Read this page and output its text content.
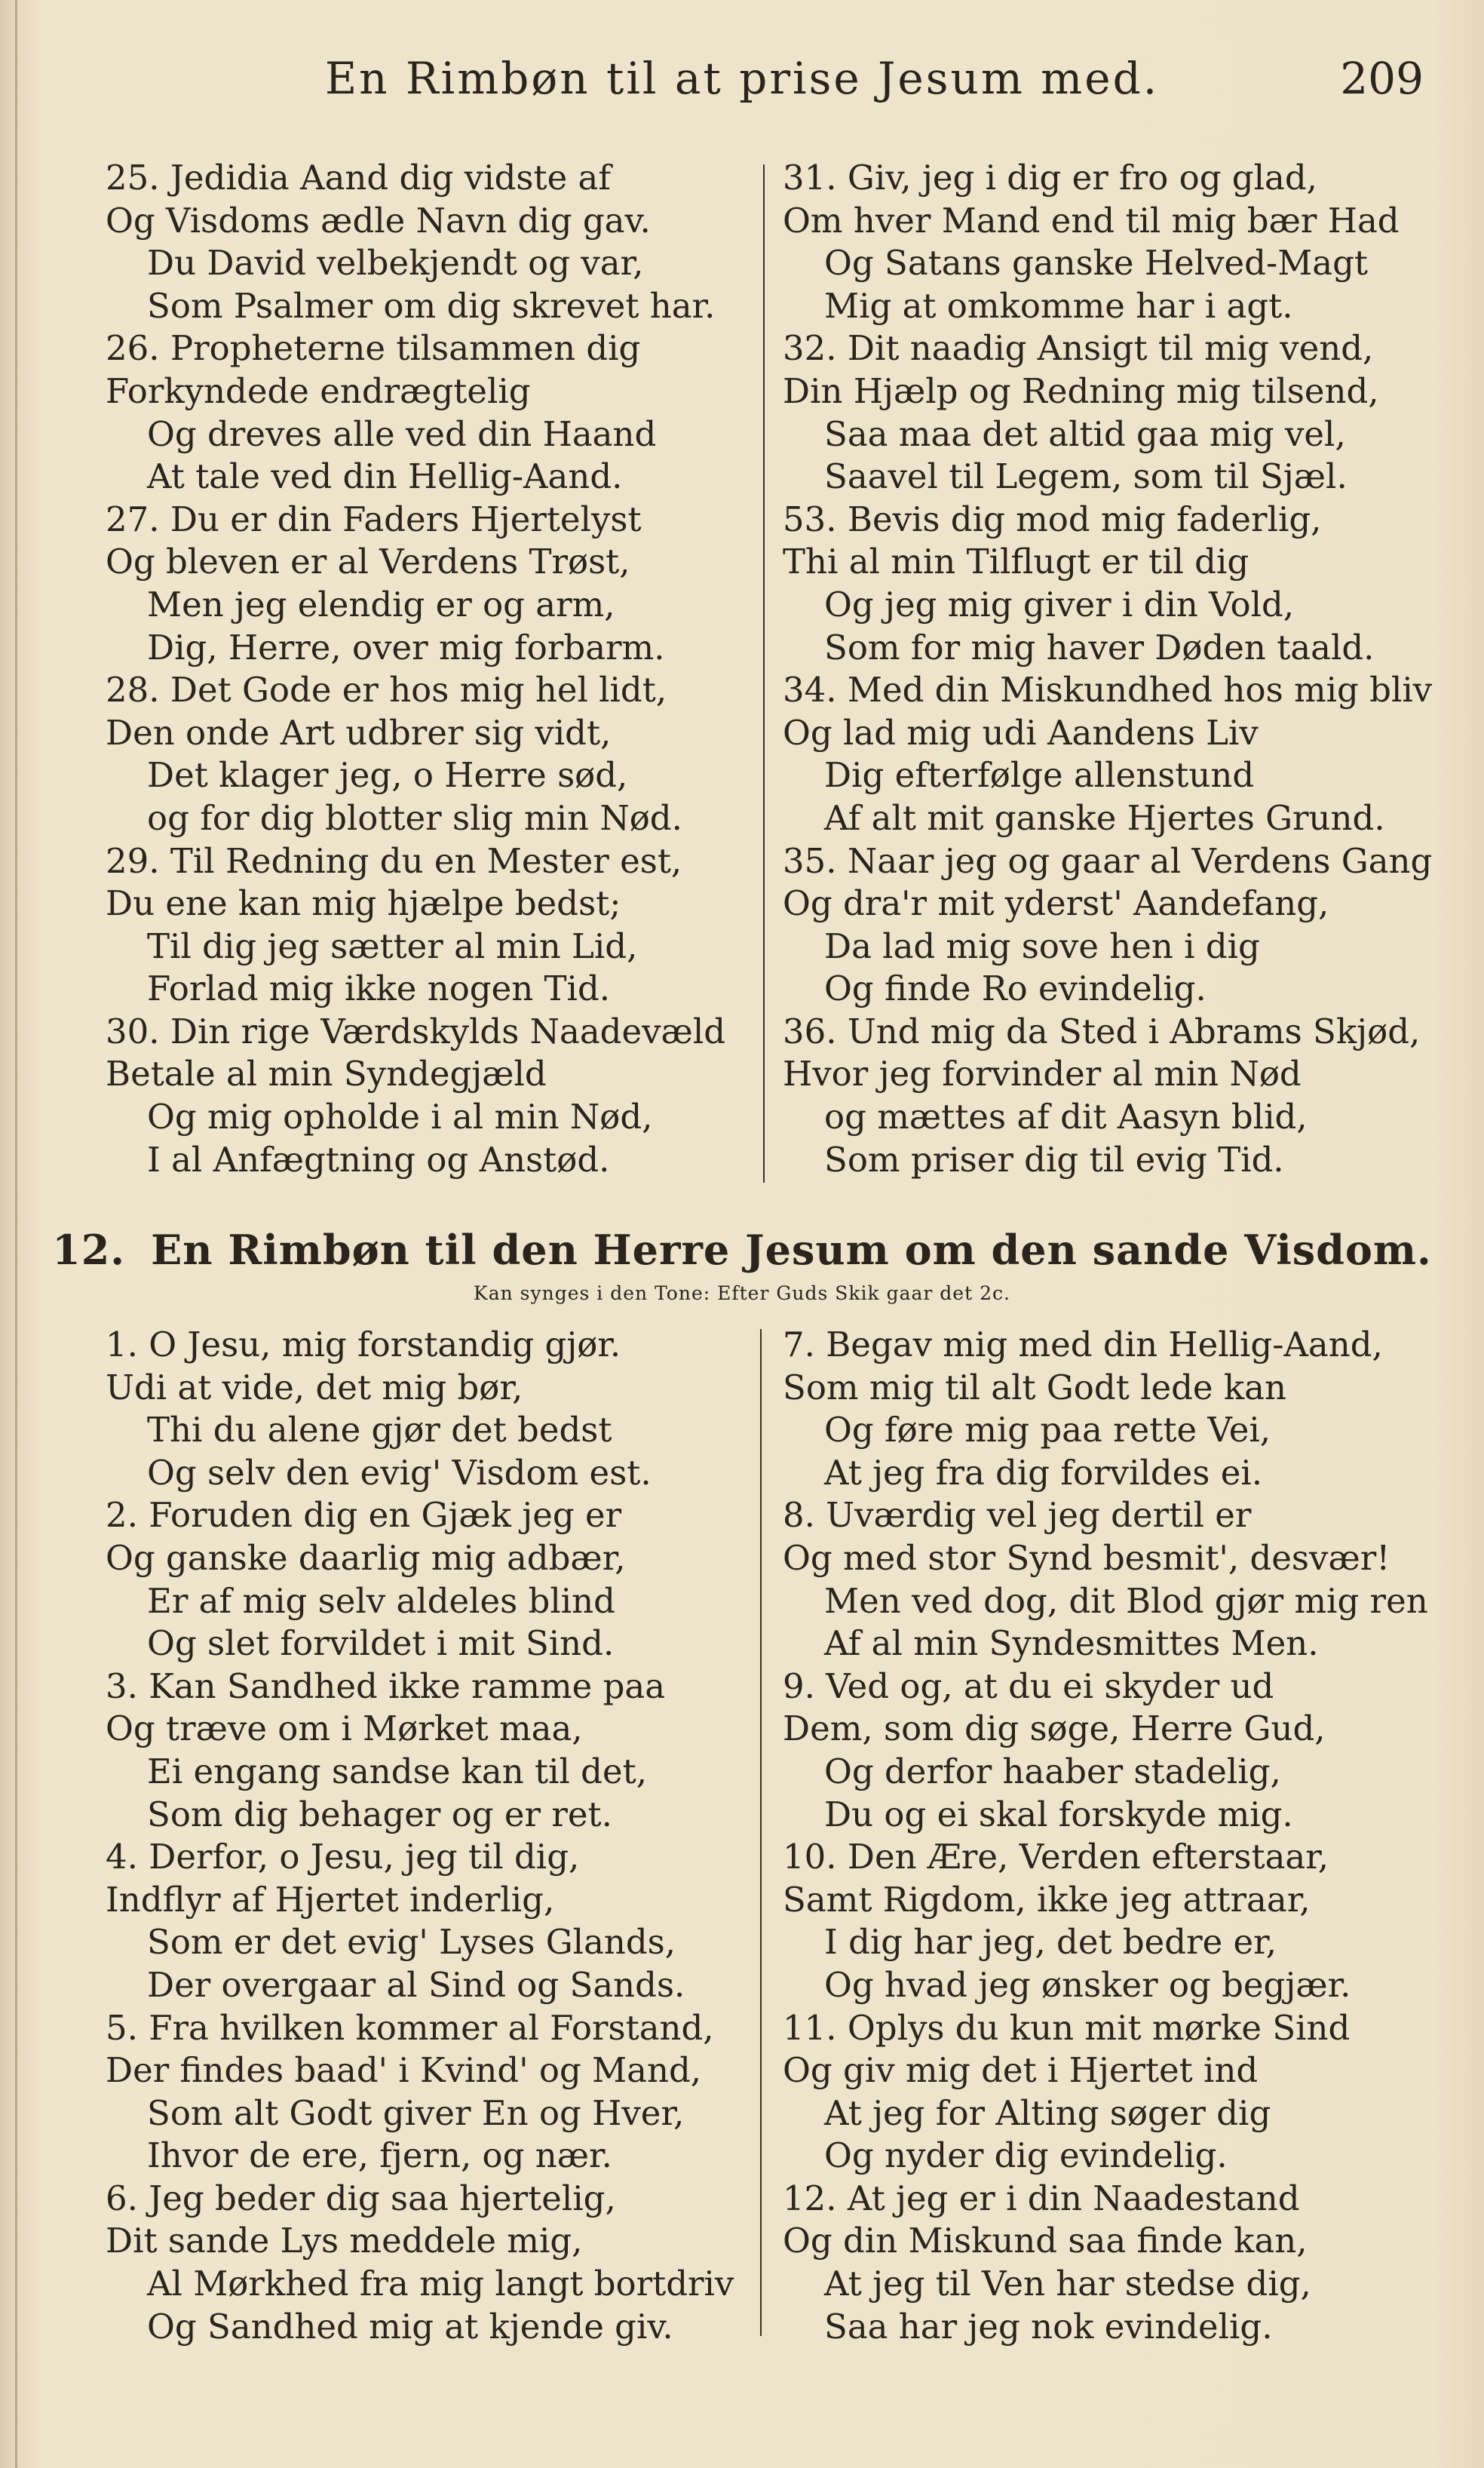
En Rimbøn til at prise Jesum med.	209
25. Jedidia Aand dig vidste af
Og Visdoms ædle Navn dig gav.
Du David velbekjendt og var,
Som Psalmer om dig skrevet har.
26. Propheterne tilsammen dig
Forkyndede endrægtelig
Og dreves alle ved din Haand
At tale ved din Hellig-Aand.
27. Du er din Faders Hjertelyst
Og bleven er al Verdens Trøst,
Men jeg elendig er og arm,
Dig, Herre, over mig forbarm.
28. Det Gode er hos mig hel lidt,
Den onde Art udbrer sig vidt,
Det klager jeg, o Herre sød,
og for dig blotter slig min Nød.
29. Til Redning du en Mester est,
Du ene kan mig hjælpe bedst;
Til dig jeg sætter al min Lid,
Forlad mig ikke nogen Tid.
30. Din rige Værdskylds Naadevæld
Betale al min Syndegjæld
Og mig opholde i al min Nød,
I al Anfægtning og Anstød.
31. Giv, jeg i dig er fro og glad,
Om hver Mand end til mig bær Had
Og Satans ganske Helved-Magt
Mig at omkomme har i agt.
32. Dit naadig Ansigt til mig vend,
Din Hjælp og Redning mig tilsend,
Saa maa det altid gaa mig vel,
Saavel til Legem, som til Sjæl.
53. Bevis dig mod mig faderlig,
Thi al min Tilflugt er til dig
Og jeg mig giver i din Vold,
Som for mig haver Døden taald.
34. Med din Miskundhed hos mig bliv
Og lad mig udi Aandens Liv
Dig efterfølge allenstund
Af alt mit ganske Hjertes Grund.
35. Naar jeg og gaar al Verdens Gang
Og dra'r mit yderst' Aandefang,
Da lad mig sove hen i dig
Og finde Ro evindelig.
36. Und mig da Sted i Abrams Skjød,
Hvor jeg forvinder al min Nød
og mættes af dit Aasyn blid,
Som priser dig til evig Tid.
12. En Rimbøn til den Herre Jesum om den sande Visdom.
Kan synges i den Tone: Efter Guds Skik gaar det 2c.
1. O Jesu, mig forstandig gjør.
Udi at vide, det mig bør,
Thi du alene gjør det bedst
Og selv den evig' Visdom est.
2. Foruden dig en Gjæk jeg er
Og ganske daarlig mig adbær,
Er af mig selv aldeles blind
Og slet forvildet i mit Sind.
3. Kan Sandhed ikke ramme paa
Og træve om i Mørket maa,
Ei engang sandse kan til det,
Som dig behager og er ret.
4. Derfor, o Jesu, jeg til dig,
Indflyr af Hjertet inderlig,
Som er det evig' Lyses Glands,
Der overgaar al Sind og Sands.
5. Fra hvilken kommer al Forstand,
Der findes baad' i Kvind' og Mand,
Som alt Godt giver En og Hver,
Ihvor de ere, fjern, og nær.
6. Jeg beder dig saa hjertelig,
Dit sande Lys meddele mig,
Al Mørkhed fra mig langt bortdriv
Og Sandhed mig at kjende giv.
7. Begav mig med din Hellig-Aand,
Som mig til alt Godt lede kan
Og føre mig paa rette Vei,
At jeg fra dig forvildes ei.
8. Uværdig vel jeg dertil er
Og med stor Synd besmit', desvær!
Men ved dog, dit Blod gjør mig ren
Af al min Syndesmittes Men.
9. Ved og, at du ei skyder ud
Dem, som dig søge, Herre Gud,
Og derfor haaber stadelig,
Du og ei skal forskyde mig.
10. Den Ære, Verden efterstaar,
Samt Rigdom, ikke jeg attraar,
I dig har jeg, det bedre er,
Og hvad jeg ønsker og begjær.
11. Oplys du kun mit mørke Sind
Og giv mig det i Hjertet ind
At jeg for Alting søger dig
Og nyder dig evindelig.
12. At jeg er i din Naadestand
Og din Miskund saa finde kan,
At jeg til Ven har stedse dig,
Saa har jeg nok evindelig.
